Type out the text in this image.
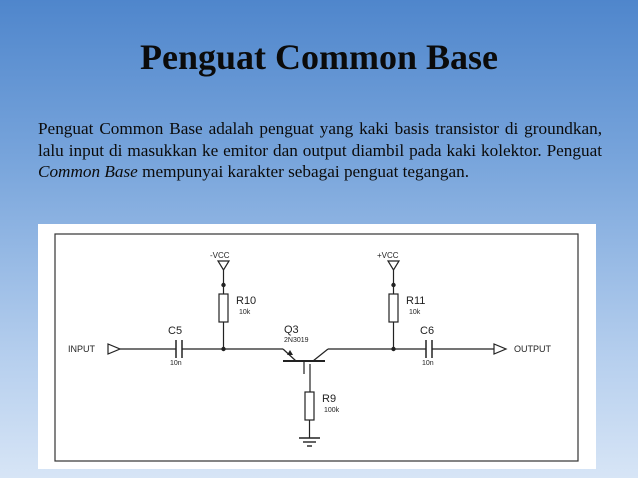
Penguat Common Base
Penguat Common Base adalah penguat yang kaki basis transistor di groundkan, lalu input di masukkan ke emitor dan output diambil pada kaki kolektor. Penguat Common Base mempunyai karakter sebagai penguat tegangan.
INPUT
C5
10n
-VCC
R10
10k
Q3
2N3019
R9
100k
+VCC
R11
10k
C6
10n
OUTPUT
